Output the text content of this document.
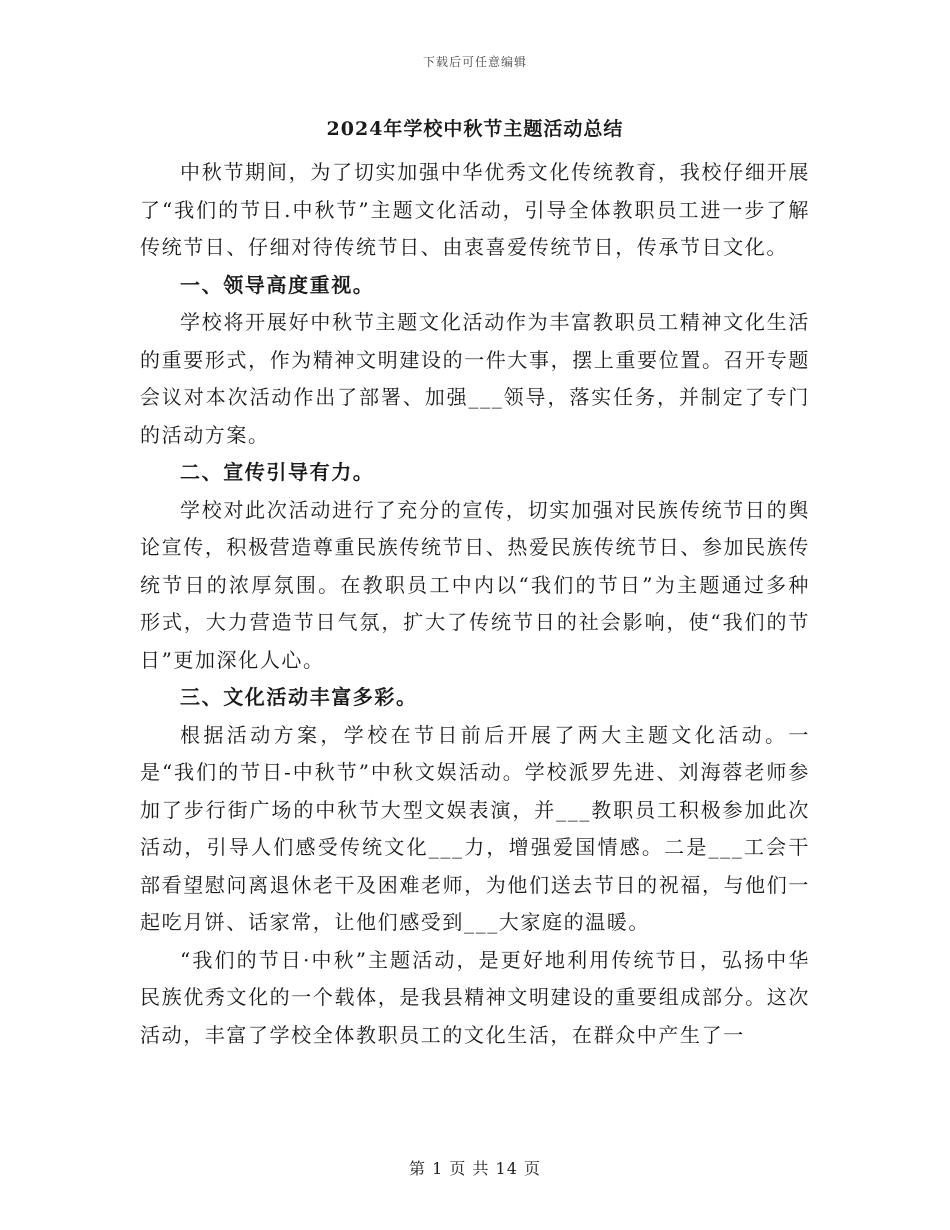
下载后可任意编辑
2024年学校中秋节主题活动总结

中秋节期间，为了切实加强中华优秀文化传统教育，我校仔细开展了“我们的节日.中秋节”主题文化活动，引导全体教职员工进一步了解传统节日、仔细对待传统节日、由衷喜爱传统节日，传承节日文化。

一、领导高度重视。

学校将开展好中秋节主题文化活动作为丰富教职员工精神文化生活的重要形式，作为精神文明建设的一件大事，摆上重要位置。召开专题会议对本次活动作出了部署、加强___领导，落实任务，并制定了专门的活动方案。

二、宣传引导有力。

学校对此次活动进行了充分的宣传，切实加强对民族传统节日的舆论宣传，积极营造尊重民族传统节日、热爱民族传统节日、参加民族传统节日的浓厚氛围。在教职员工中内以“我们的节日”为主题通过多种形式，大力营造节日气氛，扩大了传统节日的社会影响，使“我们的节日”更加深化人心。

三、文化活动丰富多彩。

根据活动方案，学校在节日前后开展了两大主题文化活动。一是“我们的节日-中秋节”中秋文娱活动。学校派罗先进、刘海蓉老师参加了步行街广场的中秋节大型文娱表演，并___教职员工积极参加此次活动，引导人们感受传统文化___力，增强爱国情感。二是___工会干部看望慰问离退休老干及困难老师，为他们送去节日的祝福，与他们一起吃月饼、话家常，让他们感受到___大家庭的温暖。

“我们的节日·中秋”主题活动，是更好地利用传统节日，弘扬中华民族优秀文化的一个载体，是我县精神文明建设的重要组成部分。这次活动，丰富了学校全体教职员工的文化生活，在群众中产生了一

第 1 页 共 14 页
